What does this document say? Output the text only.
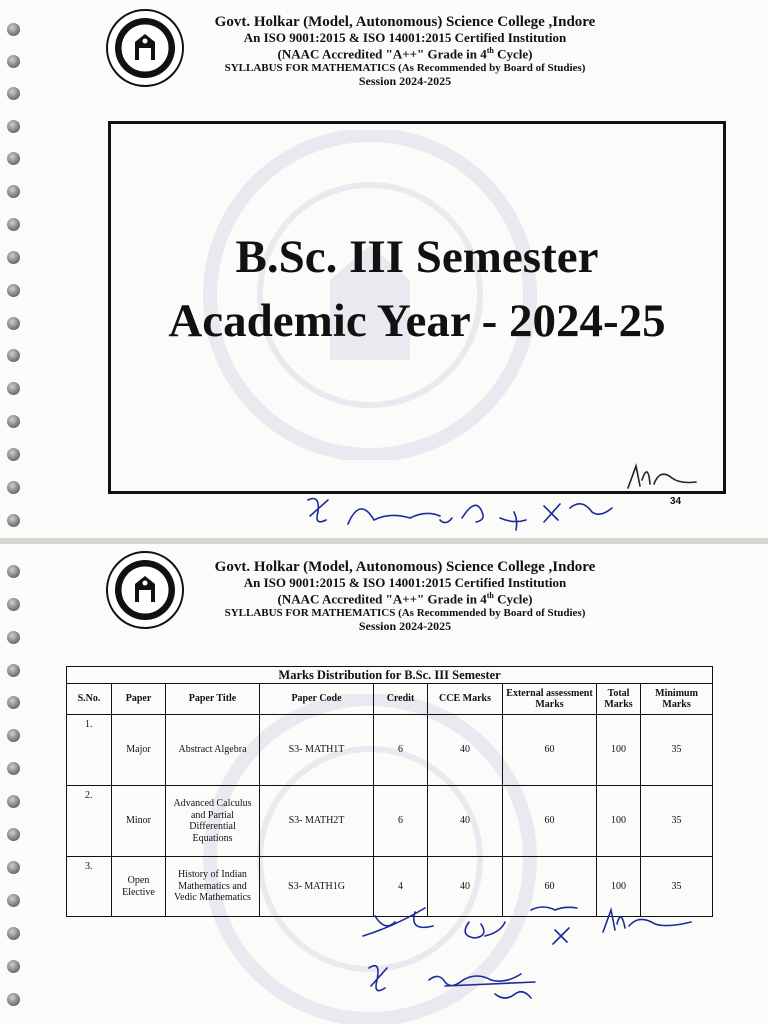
Govt. Holkar (Model, Autonomous) Science College ,Indore
An ISO 9001:2015 & ISO 14001:2015 Certified Institution
(NAAC Accredited "A++" Grade in 4th Cycle)
SYLLABUS FOR MATHEMATICS (As Recommended by Board of Studies)
Session 2024-2025
B.Sc. III Semester
Academic Year - 2024-25
34
Govt. Holkar (Model, Autonomous) Science College ,Indore
An ISO 9001:2015 & ISO 14001:2015 Certified Institution
(NAAC Accredited "A++" Grade in 4th Cycle)
SYLLABUS FOR MATHEMATICS (As Recommended by Board of Studies)
Session 2024-2025
Marks Distribution for B.Sc. III Semester								
S.No.	Paper	Paper Title	Paper Code	Credit	CCE Marks	External assessment Marks	Total Marks	Minimum Marks
1.	Major	Abstract Algebra	S3- MATH1T	6	40	60	100	35
2.	Minor	Advanced Calculus and Partial Differential Equations	S3- MATH2T	6	40	60	100	35
3.	Open Elective	History of Indian Mathematics and Vedic Mathematics	S3- MATH1G	4	40	60	100	35
